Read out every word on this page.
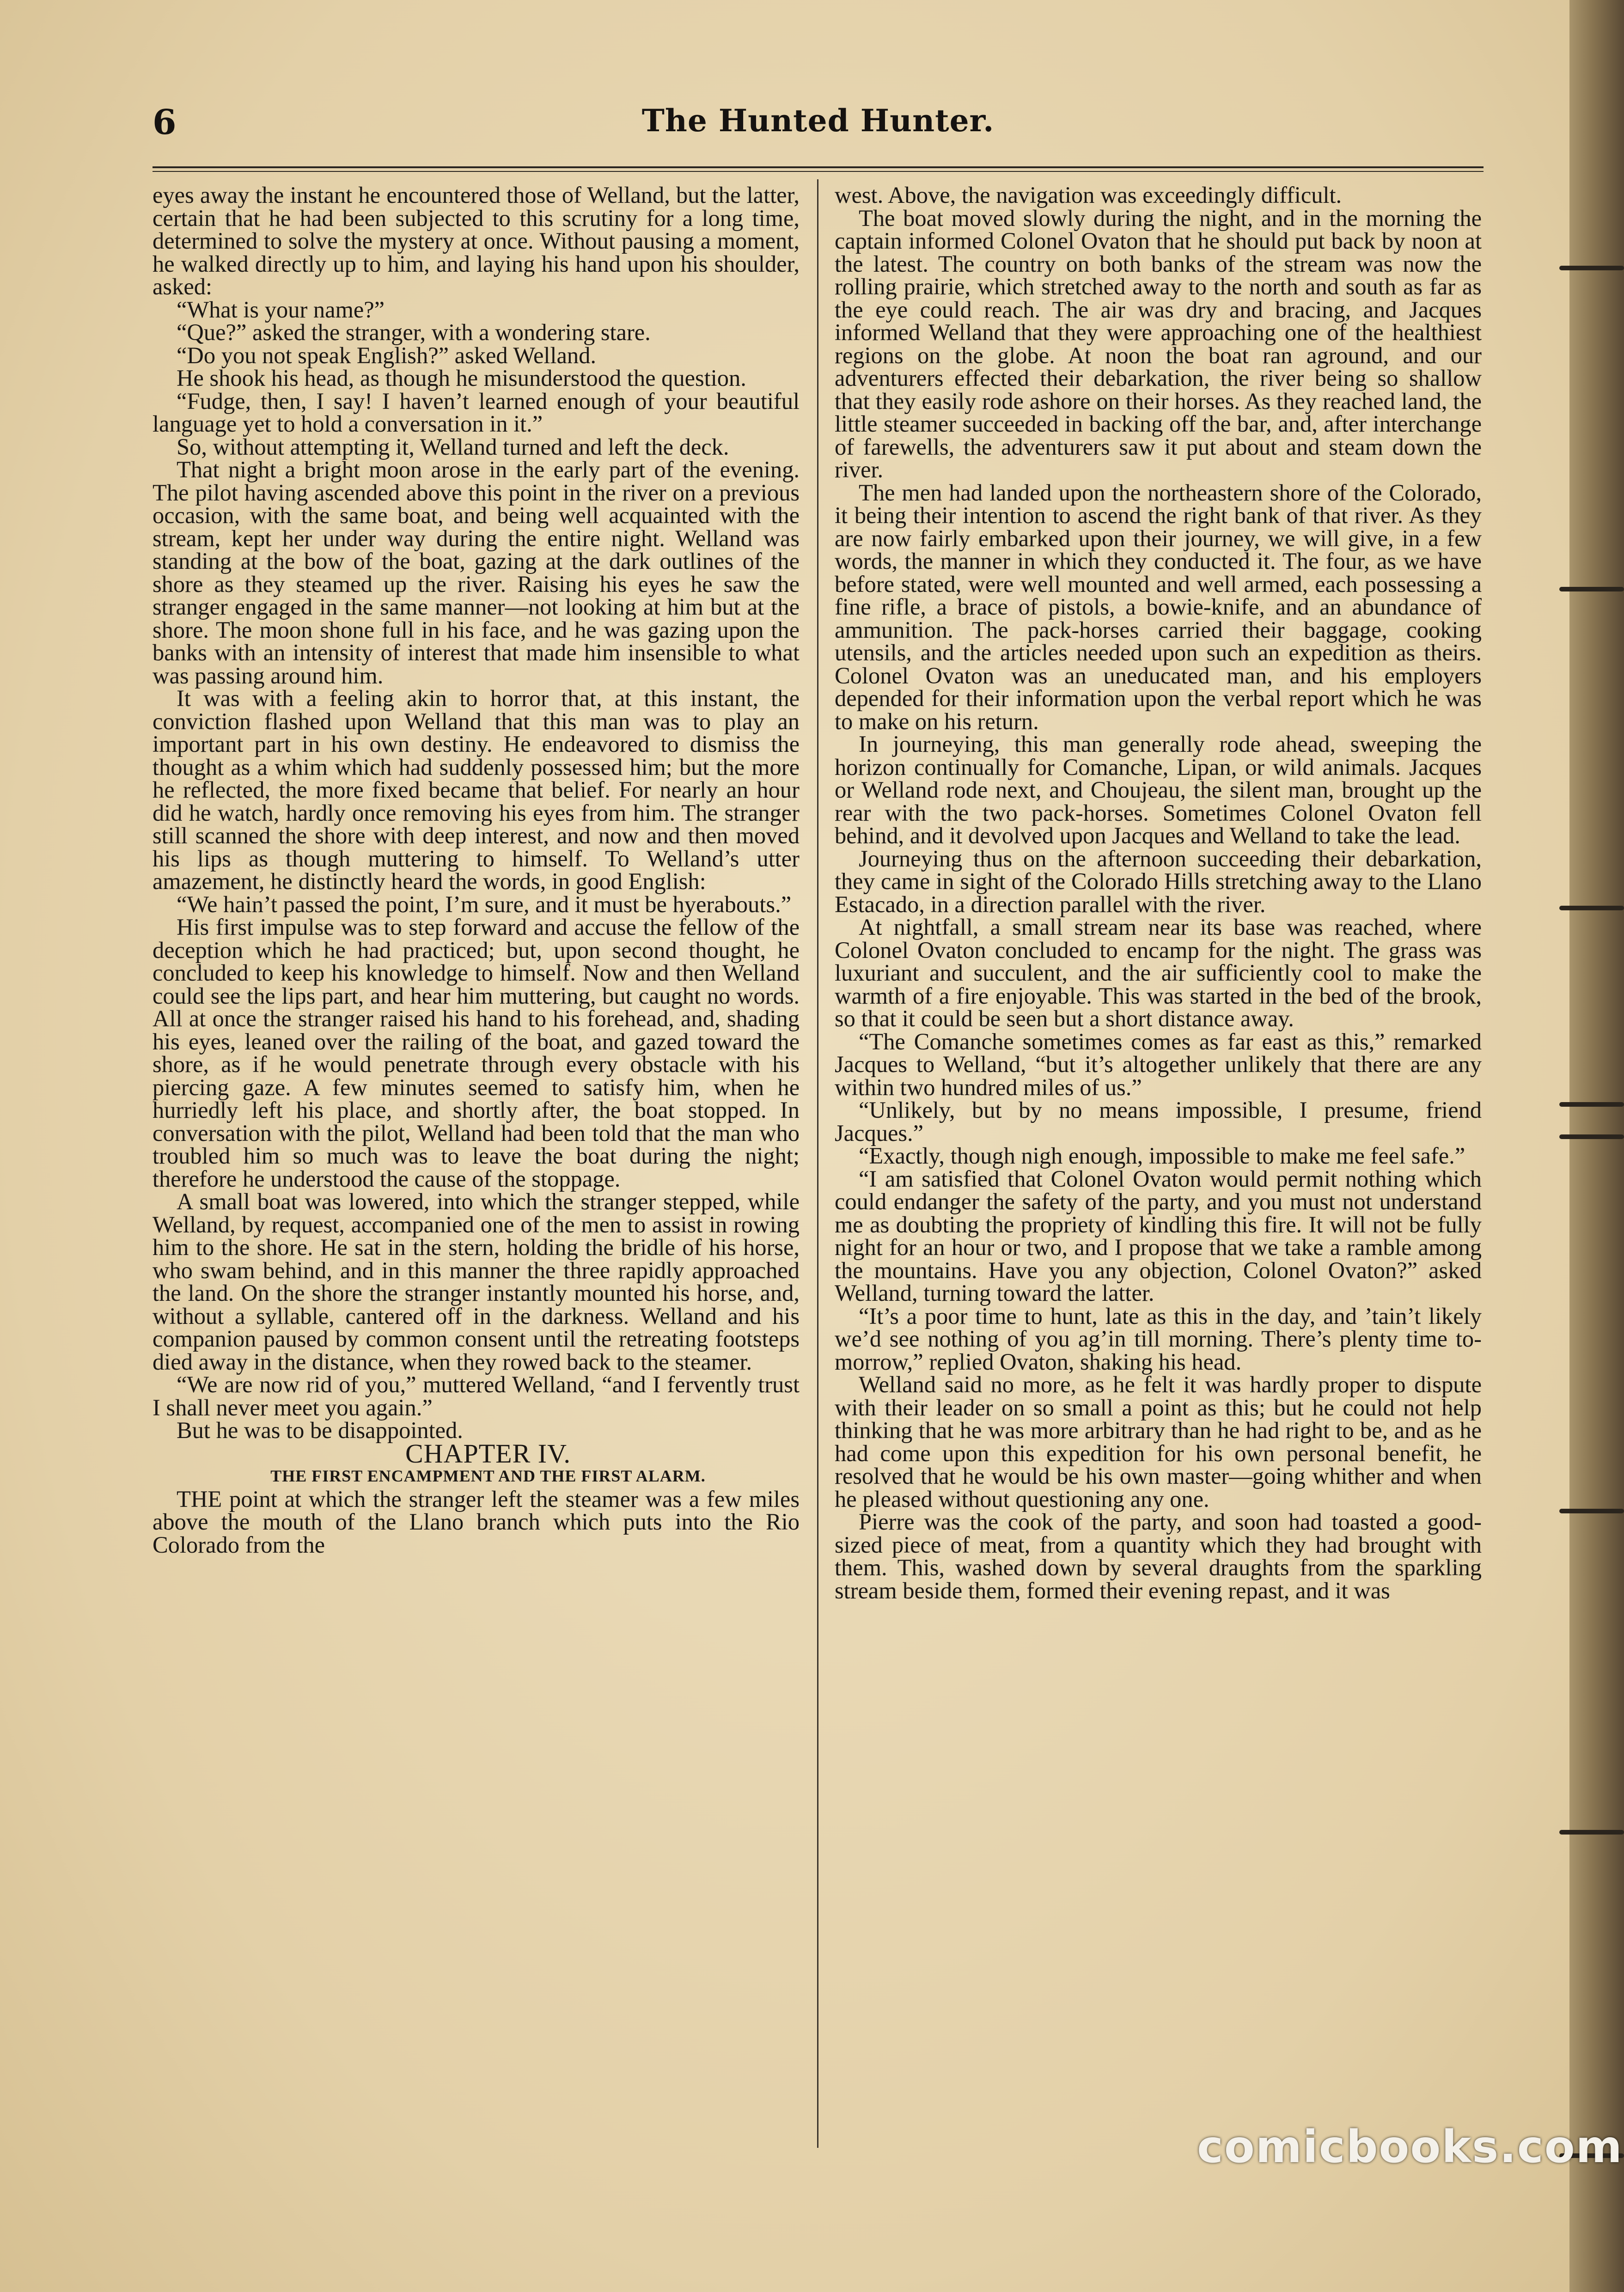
6	The Hunted Hunter.

eyes away the instant he encountered those of Welland, but the latter, certain that he had been subjected to this scrutiny for a long time, determined to solve the mystery at once. Without pausing a moment, he walked directly up to him, and laying his hand upon his shoulder, asked:

“What is your name?”

“Que?” asked the stranger, with a wondering stare.

“Do you not speak English?” asked Welland.

He shook his head, as though he misunderstood the question.

“Fudge, then, I say! I haven’t learned enough of your beautiful language yet to hold a conversation in it.”

So, without attempting it, Welland turned and left the deck.

That night a bright moon arose in the early part of the evening. The pilot having ascended above this point in the river on a previous occasion, with the same boat, and being well acquainted with the stream, kept her under way during the entire night. Welland was standing at the bow of the boat, gazing at the dark outlines of the shore as they steamed up the river. Raising his eyes he saw the stranger engaged in the same manner—not looking at him but at the shore. The moon shone full in his face, and he was gazing upon the banks with an intensity of interest that made him insensible to what was passing around him.

It was with a feeling akin to horror that, at this instant, the conviction flashed upon Welland that this man was to play an important part in his own destiny. He endeavored to dismiss the thought as a whim which had suddenly possessed him; but the more he reflected, the more fixed became that belief. For nearly an hour did he watch, hardly once removing his eyes from him. The stranger still scanned the shore with deep interest, and now and then moved his lips as though muttering to himself. To Welland’s utter amazement, he distinctly heard the words, in good English:

“We hain’t passed the point, I’m sure, and it must be hyerabouts.”

His first impulse was to step forward and accuse the fellow of the deception which he had practiced; but, upon second thought, he concluded to keep his knowledge to himself. Now and then Welland could see the lips part, and hear him muttering, but caught no words. All at once the stranger raised his hand to his forehead, and, shading his eyes, leaned over the railing of the boat, and gazed toward the shore, as if he would penetrate through every obstacle with his piercing gaze. A few minutes seemed to satisfy him, when he hurriedly left his place, and shortly after, the boat stopped. In conversation with the pilot, Welland had been told that the man who troubled him so much was to leave the boat during the night; therefore he understood the cause of the stoppage.

A small boat was lowered, into which the stranger stepped, while Welland, by request, accompanied one of the men to assist in rowing him to the shore. He sat in the stern, holding the bridle of his horse, who swam behind, and in this manner the three rapidly approached the land. On the shore the stranger instantly mounted his horse, and, without a syllable, cantered off in the darkness. Welland and his companion paused by common consent until the retreating footsteps died away in the distance, when they rowed back to the steamer.

“We are now rid of you,” muttered Welland, “and I fervently trust I shall never meet you again.”

But he was to be disappointed.

CHAPTER IV.

THE FIRST ENCAMPMENT AND THE FIRST ALARM.

THE point at which the stranger left the steamer was a few miles above the mouth of the Llano branch which puts into the Rio Colorado from the

west. Above, the navigation was exceedingly difficult.

The boat moved slowly during the night, and in the morning the captain informed Colonel Ovaton that he should put back by noon at the latest. The country on both banks of the stream was now the rolling prairie, which stretched away to the north and south as far as the eye could reach. The air was dry and bracing, and Jacques informed Welland that they were approaching one of the healthiest regions on the globe. At noon the boat ran aground, and our adventurers effected their debarkation, the river being so shallow that they easily rode ashore on their horses. As they reached land, the little steamer succeeded in backing off the bar, and, after interchange of farewells, the adventurers saw it put about and steam down the river.

The men had landed upon the northeastern shore of the Colorado, it being their intention to ascend the right bank of that river. As they are now fairly embarked upon their journey, we will give, in a few words, the manner in which they conducted it. The four, as we have before stated, were well mounted and well armed, each possessing a fine rifle, a brace of pistols, a bowie-knife, and an abundance of ammunition. The pack-horses carried their baggage, cooking utensils, and the articles needed upon such an expedition as theirs. Colonel Ovaton was an uneducated man, and his employers depended for their information upon the verbal report which he was to make on his return.

In journeying, this man generally rode ahead, sweeping the horizon continually for Comanche, Lipan, or wild animals. Jacques or Welland rode next, and Choujeau, the silent man, brought up the rear with the two pack-horses. Sometimes Colonel Ovaton fell behind, and it devolved upon Jacques and Welland to take the lead.

Journeying thus on the afternoon succeeding their debarkation, they came in sight of the Colorado Hills stretching away to the Llano Estacado, in a direction parallel with the river.

At nightfall, a small stream near its base was reached, where Colonel Ovaton concluded to encamp for the night. The grass was luxuriant and succulent, and the air sufficiently cool to make the warmth of a fire enjoyable. This was started in the bed of the brook, so that it could be seen but a short distance away.

“The Comanche sometimes comes as far east as this,” remarked Jacques to Welland, “but it’s altogether unlikely that there are any within two hundred miles of us.”

“Unlikely, but by no means impossible, I presume, friend Jacques.”

“Exactly, though nigh enough, impossible to make me feel safe.”

“I am satisfied that Colonel Ovaton would permit nothing which could endanger the safety of the party, and you must not understand me as doubting the propriety of kindling this fire. It will not be fully night for an hour or two, and I propose that we take a ramble among the mountains. Have you any objection, Colonel Ovaton?” asked Welland, turning toward the latter.

“It’s a poor time to hunt, late as this in the day, and ’tain’t likely we’d see nothing of you ag’in till morning. There’s plenty time to-morrow,” replied Ovaton, shaking his head.

Welland said no more, as he felt it was hardly proper to dispute with their leader on so small a point as this; but he could not help thinking that he was more arbitrary than he had right to be, and as he had come upon this expedition for his own personal benefit, he resolved that he would be his own master—going whither and when he pleased without questioning any one.

Pierre was the cook of the party, and soon had toasted a good-sized piece of meat, from a quantity which they had brought with them. This, washed down by several draughts from the sparkling stream beside them, formed their evening repast, and it was

comicbooks.com
